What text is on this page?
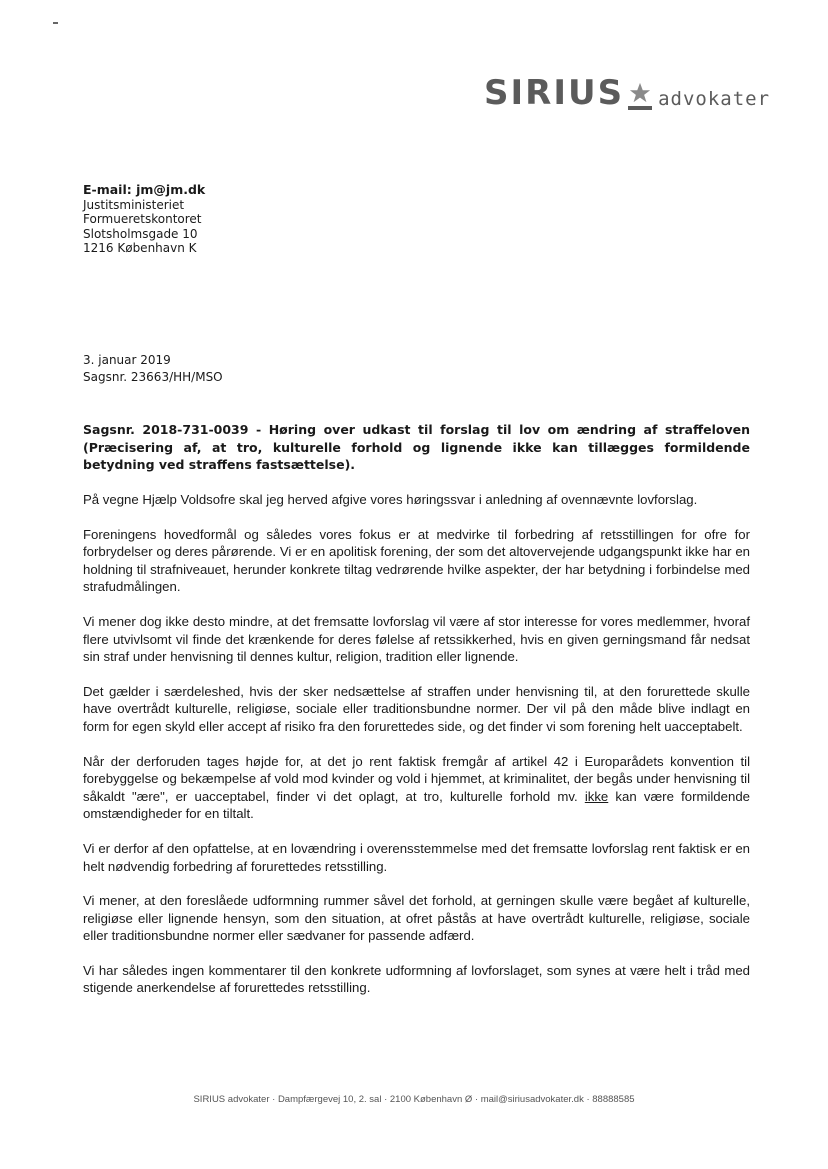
SIRIUS advokater
E-mail: jm@jm.dk
Justitsministeriet
Formueretskontoret
Slotsholmsgade 10
1216 København K
3. januar 2019
Sagsnr. 23663/HH/MSO

Sagsnr. 2018-731-0039 - Høring over udkast til forslag til lov om ændring af straffeloven (Præcisering af, at tro, kulturelle forhold og lignende ikke kan tillægges formildende betydning ved straffens fastsættelse).

På vegne Hjælp Voldsofre skal jeg herved afgive vores høringssvar i anledning af ovennævnte lovforslag.

Foreningens hovedformål og således vores fokus er at medvirke til forbedring af retsstillingen for ofre for forbrydelser og deres pårørende. Vi er en apolitisk forening, der som det altovervejende udgangspunkt ikke har en holdning til strafniveauet, herunder konkrete tiltag vedrørende hvilke aspekter, der har betydning i forbindelse med strafudmålingen.

Vi mener dog ikke desto mindre, at det fremsatte lovforslag vil være af stor interesse for vores medlemmer, hvoraf flere utvivlsomt vil finde det krænkende for deres følelse af retssikkerhed, hvis en given gerningsmand får nedsat sin straf under henvisning til dennes kultur, religion, tradition eller lignende.

Det gælder i særdeleshed, hvis der sker nedsættelse af straffen under henvisning til, at den forurettede skulle have overtrådt kulturelle, religiøse, sociale eller traditionsbundne normer. Der vil på den måde blive indlagt en form for egen skyld eller accept af risiko fra den forurettedes side, og det finder vi som forening helt uacceptabelt.

Når der derforuden tages højde for, at det jo rent faktisk fremgår af artikel 42 i Europarådets konvention til forebyggelse og bekæmpelse af vold mod kvinder og vold i hjemmet, at kriminalitet, der begås under henvisning til såkaldt "ære", er uacceptabel, finder vi det oplagt, at tro, kulturelle forhold mv. ikke kan være formildende omstændigheder for en tiltalt.

Vi er derfor af den opfattelse, at en lovændring i overensstemmelse med det fremsatte lovforslag rent faktisk er en helt nødvendig forbedring af forurettedes retsstilling.

Vi mener, at den foreslåede udformning rummer såvel det forhold, at gerningen skulle være begået af kulturelle, religiøse eller lignende hensyn, som den situation, at ofret påstås at have overtrådt kulturelle, religiøse, sociale eller traditionsbundne normer eller sædvaner for passende adfærd.

Vi har således ingen kommentarer til den konkrete udformning af lovforslaget, som synes at være helt i tråd med stigende anerkendelse af forurettedes retsstilling.

SIRIUS advokater · Dampfærgevej 10, 2. sal · 2100 København Ø · mail@siriusadvokater.dk · 88888585
